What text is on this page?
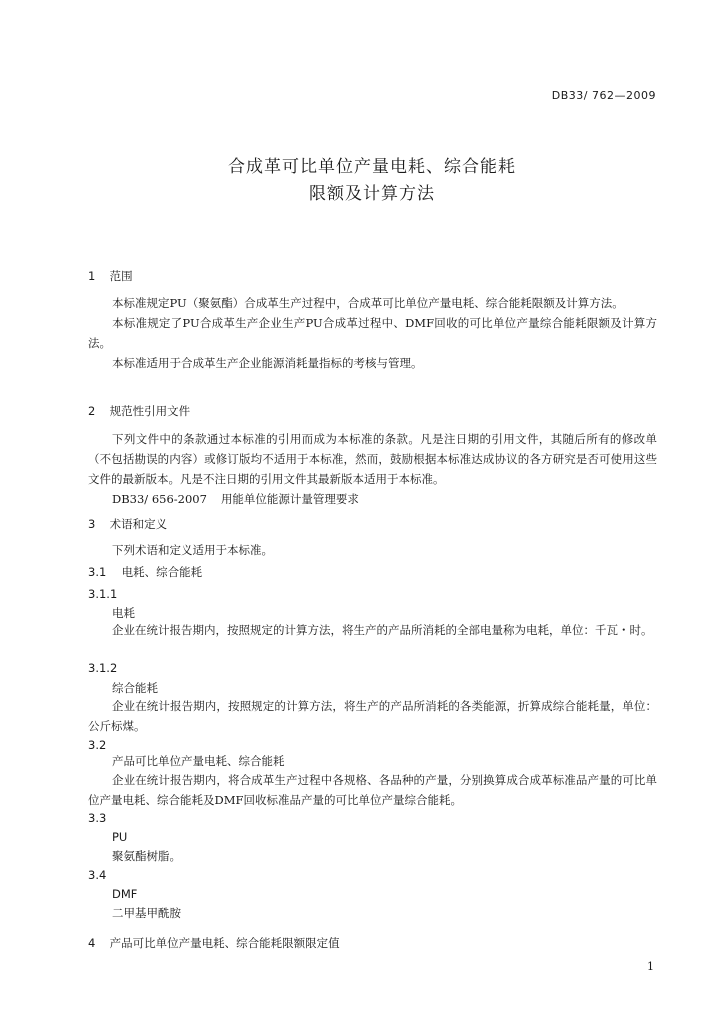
DB33/ 762—2009
合成革可比单位产量电耗、综合能耗
限额及计算方法
1 范围

本标准规定PU（聚氨酯）合成革生产过程中，合成革可比单位产量电耗、综合能耗限额及计算方法。

本标准规定了PU合成革生产企业生产PU合成革过程中、DMF回收的可比单位产量综合能耗限额及计算方法。

本标准适用于合成革生产企业能源消耗量指标的考核与管理。

2 规范性引用文件

下列文件中的条款通过本标准的引用而成为本标准的条款。凡是注日期的引用文件，其随后所有的修改单（不包括勘误的内容）或修订版均不适用于本标准，然而，鼓励根据本标准达成协议的各方研究是否可使用这些文件的最新版本。凡是不注日期的引用文件其最新版本适用于本标准。

DB33/ 656-2007 用能单位能源计量管理要求

3 术语和定义

下列术语和定义适用于本标准。

3.1 电耗、综合能耗
3.1.1
电耗

企业在统计报告期内，按照规定的计算方法，将生产的产品所消耗的全部电量称为电耗，单位：千瓦・时。

3.1.2
综合能耗

企业在统计报告期内，按照规定的计算方法，将生产的产品所消耗的各类能源，折算成综合能耗量，单位：公斤标煤。

3.2
产品可比单位产量电耗、综合能耗

企业在统计报告期内，将合成革生产过程中各规格、各品种的产量，分别换算成合成革标准品产量的可比单位产量电耗、综合能耗及DMF回收标准品产量的可比单位产量综合能耗。

3.3
PU

聚氨酯树脂。

3.4
DMF

二甲基甲酰胺

4 产品可比单位产量电耗、综合能耗限额限定值
1
